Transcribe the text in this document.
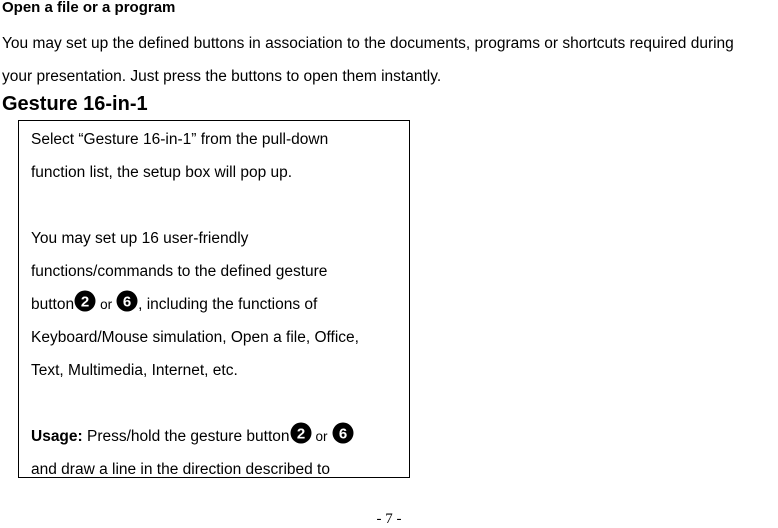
Open a file or a program
You may set up the defined buttons in association to the documents, programs or shortcuts required during
your presentation. Just press the buttons to open them instantly.
Gesture 16-in-1
Select “Gesture 16-in-1” from the pull-down
function list, the setup box will pop up.
You may set up 16 user-friendly
functions/commands to the defined gesture
button 2 or 6 , including the functions of
Keyboard/Mouse simulation, Open a file, Office,
Text, Multimedia, Internet, etc.
Usage: Press/hold the gesture button 2 or 6
and draw a line in the direction described to
- 7 -
